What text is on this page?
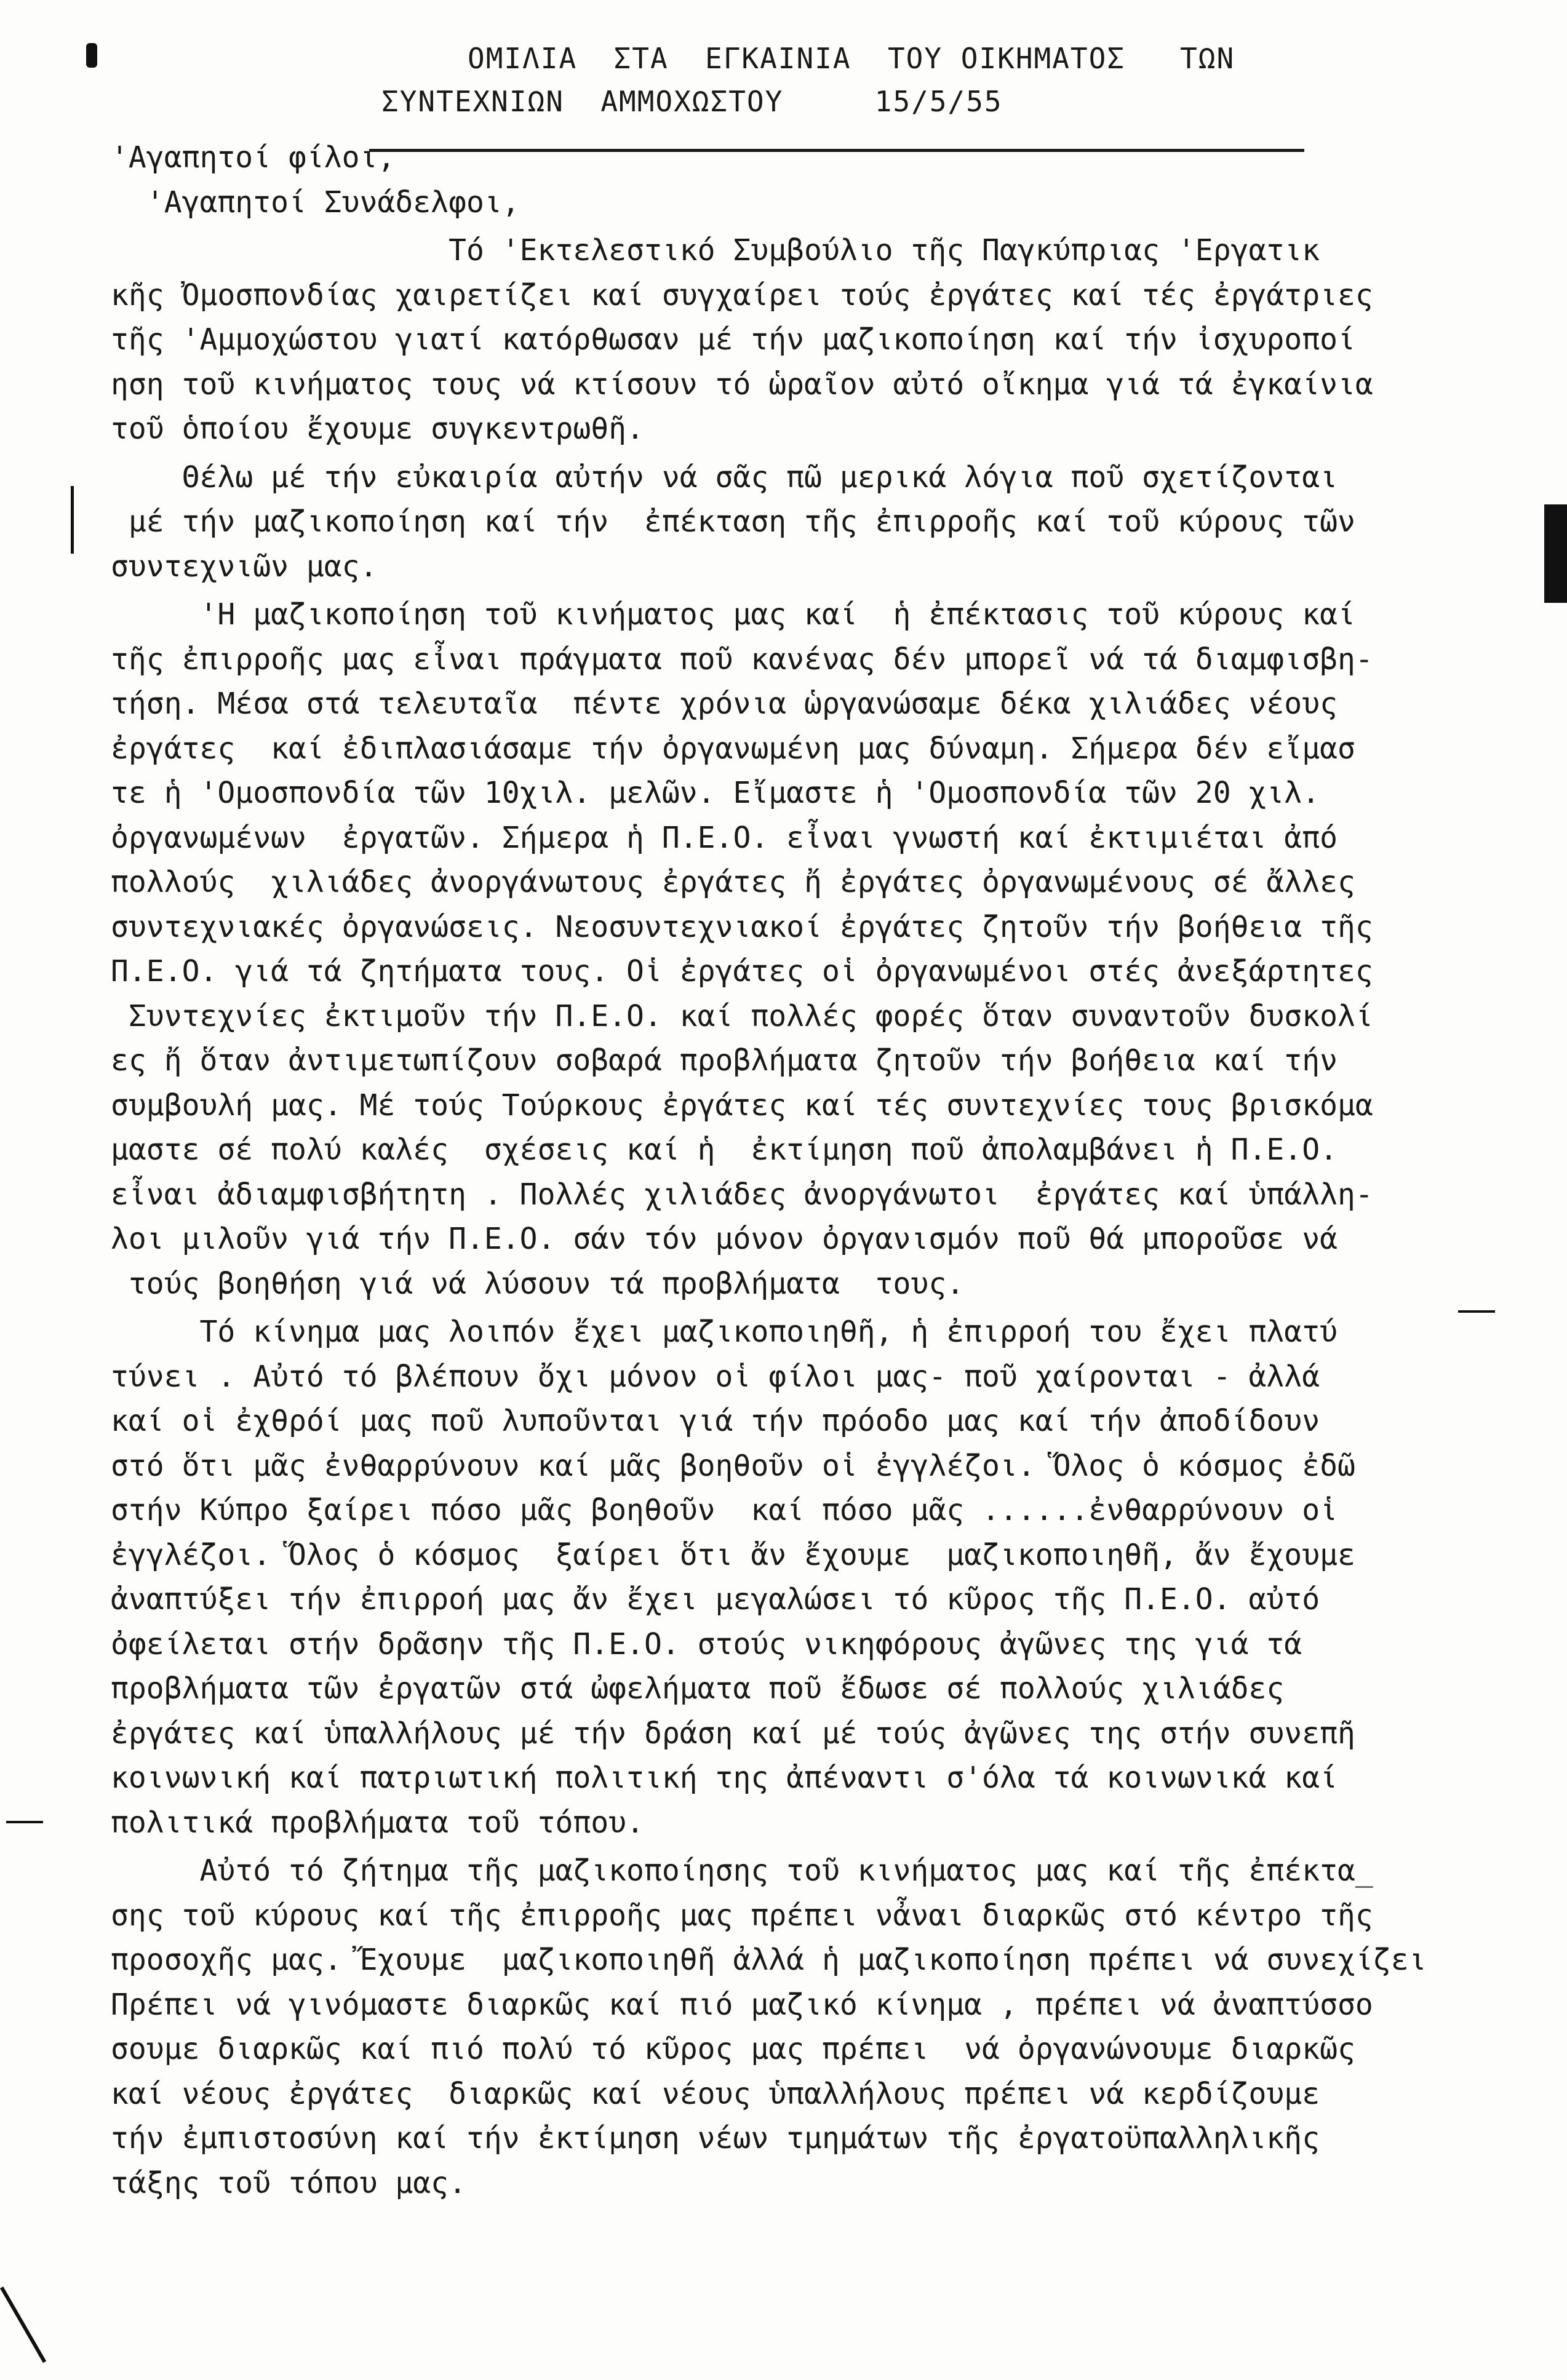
ΟΜΙΛΙΑ  ΣΤΑ  ΕΓΚΑΙΝΙΑ  ΤΟΥ ΟΙΚΗΜΑΤΟΣ   ΤΩΝ
ΣΥΝΤΕΧΝΙΩΝ  ΑΜΜΟΧΩΣΤΟΥ     15/5/55

'Αγαπητοί φίλοι,

'Αγαπητοί Συνάδελφοι,

Τό 'Εκτελεστικό Συμβούλιο τῆς Παγκύπριας 'Εργατικ

κῆς Ὀμοσπονδίας χαιρετίζει καί συγχαίρει τούς ἐργάτες καί τές ἐργάτριες

τῆς 'Αμμοχώστου γιατί κατόρθωσαν μέ τήν μαζικοποίηση καί τήν ἰσχυροποί

ηση τοῦ κινήματος τους νά κτίσουν τό ὡραῖον αὐτό οἴκημα γιά τά ἐγκαίνια

τοῦ ὁποίου ἔχουμε συγκεντρωθῆ.

Θέλω μέ τήν εὐκαιρία αὐτήν νά σᾶς πῶ μερικά λόγια ποῦ σχετίζονται

μέ τήν μαζικοποίηση καί τήν  ἐπέκταση τῆς ἐπιρροῆς καί τοῦ κύρους τῶν

συντεχνιῶν μας.

'Η μαζικοποίηση τοῦ κινήματος μας καί  ἡ ἐπέκτασις τοῦ κύρους καί

τῆς ἐπιρροῆς μας εἶναι πράγματα ποῦ κανένας δέν μπορεῖ νά τά διαμφισβη-

τήση. Μέσα στά τελευταῖα  πέντε χρόνια ὡργανώσαμε δέκα χιλιάδες νέους

ἐργάτες  καί ἐδιπλασιάσαμε τήν ὀργανωμένη μας δύναμη. Σήμερα δέν εἴμασ

τε ἡ 'Ομοσπονδία τῶν 10χιλ. μελῶν. Εἴμαστε ἡ 'Ομοσπονδία τῶν 20 χιλ.

ὀργανωμένων  ἐργατῶν. Σήμερα ἡ Π.Ε.Ο. εἶναι γνωστή καί ἐκτιμιέται ἀπό

πολλούς  χιλιάδες ἀνοργάνωτους ἐργάτες ἤ ἐργάτες ὀργανωμένους σέ ἄλλες

συντεχνιακές ὀργανώσεις. Νεοσυντεχνιακοί ἐργάτες ζητοῦν τήν βοήθεια τῆς

Π.Ε.Ο. γιά τά ζητήματα τους. Οἱ ἐργάτες οἱ ὀργανωμένοι στές ἀνεξάρτητες

Συντεχνίες ἐκτιμοῦν τήν Π.Ε.Ο. καί πολλές φορές ὅταν συναντοῦν δυσκολί

ες ἤ ὅταν ἀντιμετωπίζουν σοβαρά προβλήματα ζητοῦν τήν βοήθεια καί τήν

συμβουλή μας. Μέ τούς Τούρκους ἐργάτες καί τές συντεχνίες τους βρισκόμα

μαστε σέ πολύ καλές  σχέσεις καί ἡ  ἐκτίμηση ποῦ ἀπολαμβάνει ἡ Π.Ε.Ο.

εἶναι ἀδιαμφισβήτητη . Πολλές χιλιάδες ἀνοργάνωτοι  ἐργάτες καί ὑπάλλη-

λοι μιλοῦν γιά τήν Π.Ε.Ο. σάν τόν μόνον ὀργανισμόν ποῦ θά μποροῦσε νά

τούς βοηθήση γιά νά λύσουν τά προβλήματα  τους.

Τό κίνημα μας λοιπόν ἔχει μαζικοποιηθῆ, ἡ ἐπιρροή του ἔχει πλατύ

τύνει . Αὐτό τό βλέπουν ὄχι μόνον οἱ φίλοι μας- ποῦ χαίρονται - ἀλλά

καί οἱ ἐχθρόί μας ποῦ λυποῦνται γιά τήν πρόοδο μας καί τήν ἀποδίδουν

στό ὅτι μᾶς ἐνθαρρύνουν καί μᾶς βοηθοῦν οἱ ἐγγλέζοι. Ὅλος ὁ κόσμος ἐδῶ

στήν Κύπρο ξαίρει πόσο μᾶς βοηθοῦν  καί πόσο μᾶς ......ἐνθαρρύνουν οἱ

ἐγγλέζοι. Ὅλος ὁ κόσμος  ξαίρει ὅτι ἄν ἔχουμε  μαζικοποιηθῆ, ἄν ἔχουμε

ἀναπτύξει τήν ἐπιρροή μας ἄν ἔχει μεγαλώσει τό κῦρος τῆς Π.Ε.Ο. αὐτό

ὀφείλεται στήν δρᾶσην τῆς Π.Ε.Ο. στούς νικηφόρους ἀγῶνες της γιά τά

προβλήματα τῶν ἐργατῶν στά ὠφελήματα ποῦ ἔδωσε σέ πολλούς χιλιάδες

ἐργάτες καί ὑπαλλήλους μέ τήν δράση καί μέ τούς ἀγῶνες της στήν συνεπῆ

κοινωνική καί πατριωτική πολιτική της ἀπέναντι σ'όλα τά κοινωνικά καί

πολιτικά προβλήματα τοῦ τόπου.

Αὐτό τό ζήτημα τῆς μαζικοποίησης τοῦ κινήματος μας καί τῆς ἐπέκτα_

σης τοῦ κύρους καί τῆς ἐπιρροῆς μας πρέπει νἆναι διαρκῶς στό κέντρο τῆς

προσοχῆς μας. Ἔχουμε  μαζικοποιηθῆ ἀλλά ἡ μαζικοποίηση πρέπει νά συνεχίζει

Πρέπει νά γινόμαστε διαρκῶς καί πιό μαζικό κίνημα , πρέπει νά ἀναπτύσσο

σουμε διαρκῶς καί πιό πολύ τό κῦρος μας πρέπει  νά ὀργανώνουμε διαρκῶς

καί νέους ἐργάτες  διαρκῶς καί νέους ὑπαλλήλους πρέπει νά κερδίζουμε

τήν ἐμπιστοσύνη καί τήν ἐκτίμηση νέων τμημάτων τῆς ἐργατοϋπαλληλικῆς

τάξης τοῦ τόπου μας.
